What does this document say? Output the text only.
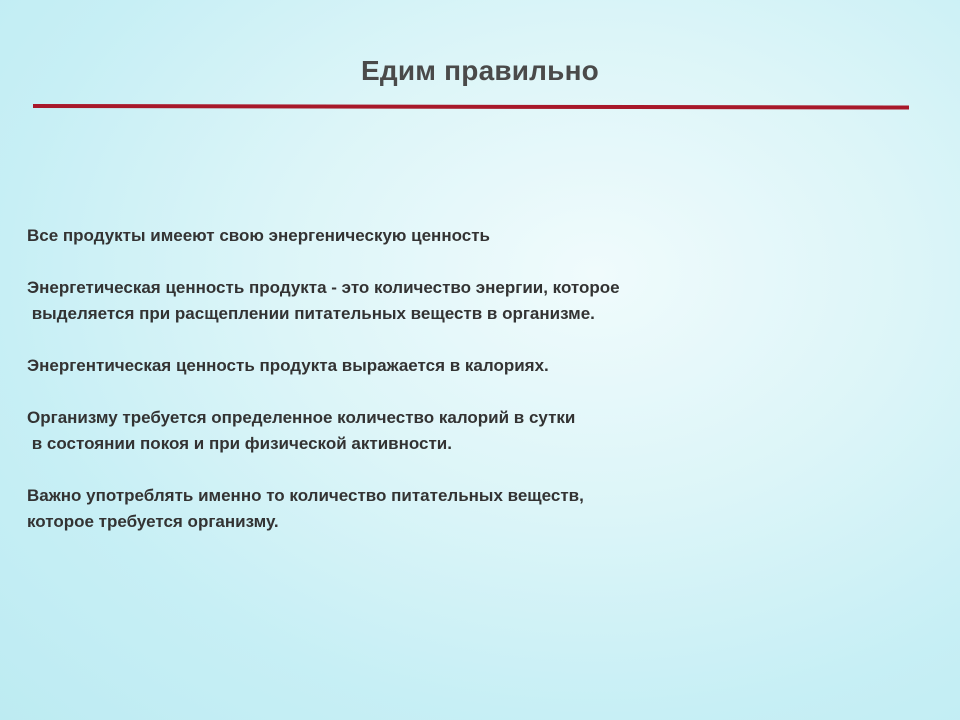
Едим правильно
Все продукты имееют свою энергеническую ценность
Энергетическая ценность продукта - это количество энергии, которое
выделяется при расщеплении питательных веществ в организме.
Энергентическая ценность продукта выражается в калориях.
Организму требуется определенное количество калорий в сутки
в состоянии покоя и при физической активности.
Важно употреблять именно то количество питательных веществ,
которое требуется организму.
